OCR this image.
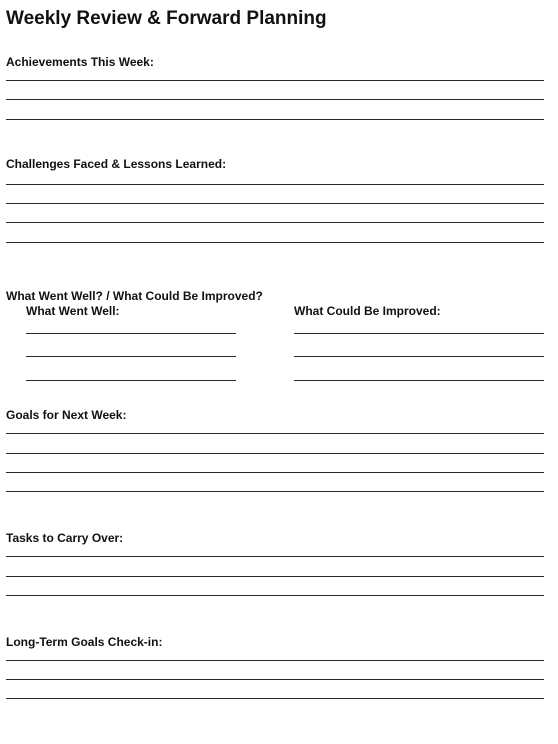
Weekly Review & Forward Planning
Achievements This Week:
Challenges Faced & Lessons Learned:
What Went Well? / What Could Be Improved?
What Went Well:	What Could Be Improved:
Goals for Next Week:
Tasks to Carry Over:
Long-Term Goals Check-in:
